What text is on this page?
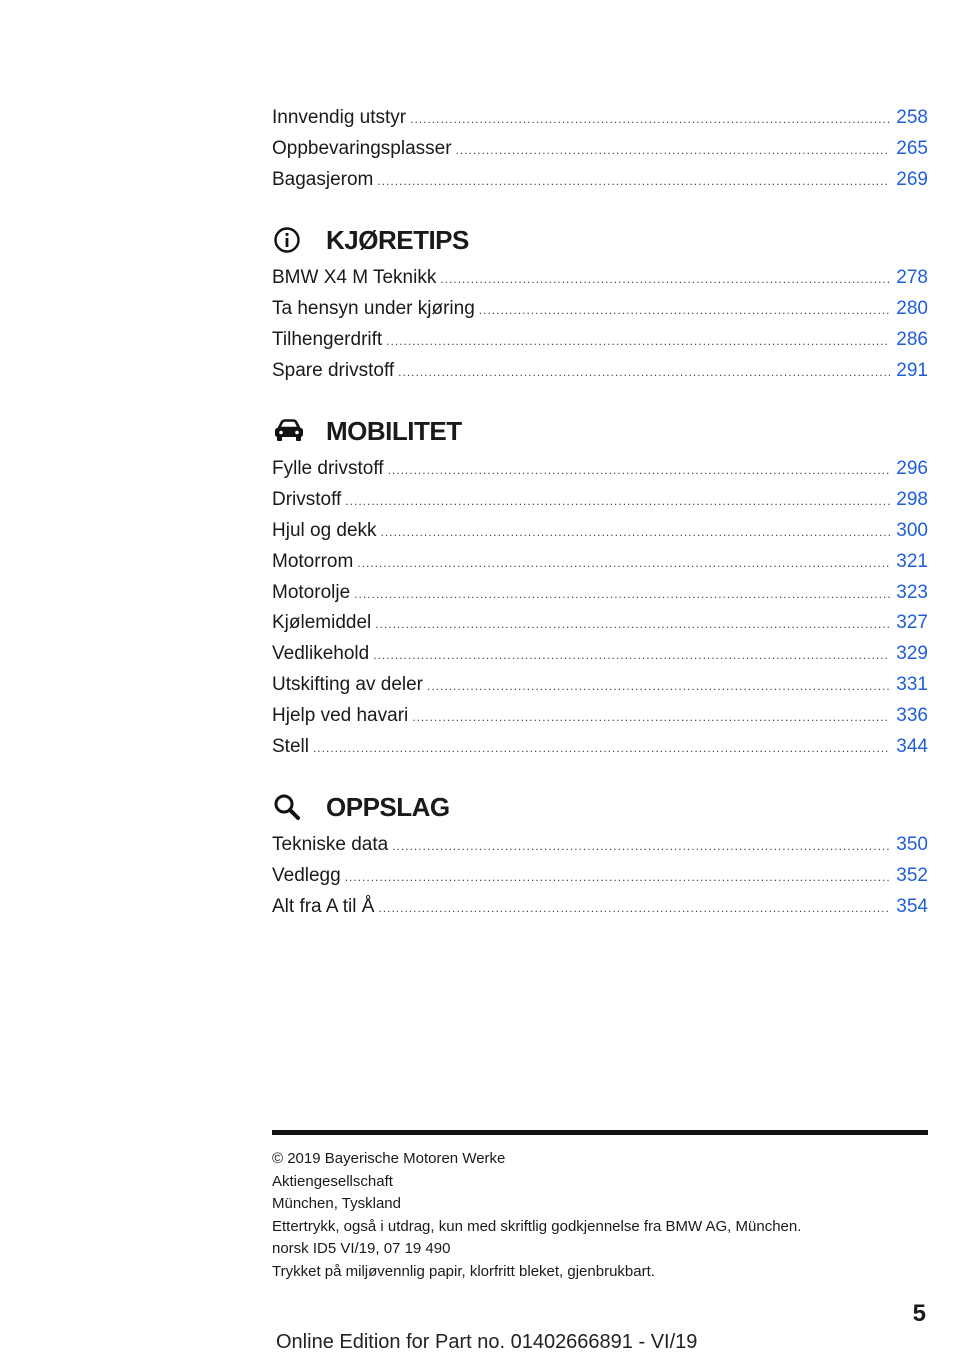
Innvendig utstyr .....	258
Oppbevaringsplasser .....	265
Bagasjerom .....	269
KJØRETIPS
BMW X4 M Teknikk .....	278
Ta hensyn under kjøring .....	280
Tilhengerdrift .....	286
Spare drivstoff .....	291
MOBILITET
Fylle drivstoff .....	296
Drivstoff .....	298
Hjul og dekk .....	300
Motorrom .....	321
Motorolje .....	323
Kjølemiddel .....	327
Vedlikehold .....	329
Utskifting av deler .....	331
Hjelp ved havari .....	336
Stell .....	344
OPPSLAG
Tekniske data .....	350
Vedlegg .....	352
Alt fra A til Å .....	354
© 2019 Bayerische Motoren Werke
Aktiengesellschaft
München, Tyskland
Ettertrykk, også i utdrag, kun med skriftlig godkjennelse fra BMW AG, München.
norsk ID5 VI/19, 07 19 490
Trykket på miljøvennlig papir, klorfritt bleket, gjenbrukbart.
5
Online Edition for Part no. 01402666891 - VI/19
